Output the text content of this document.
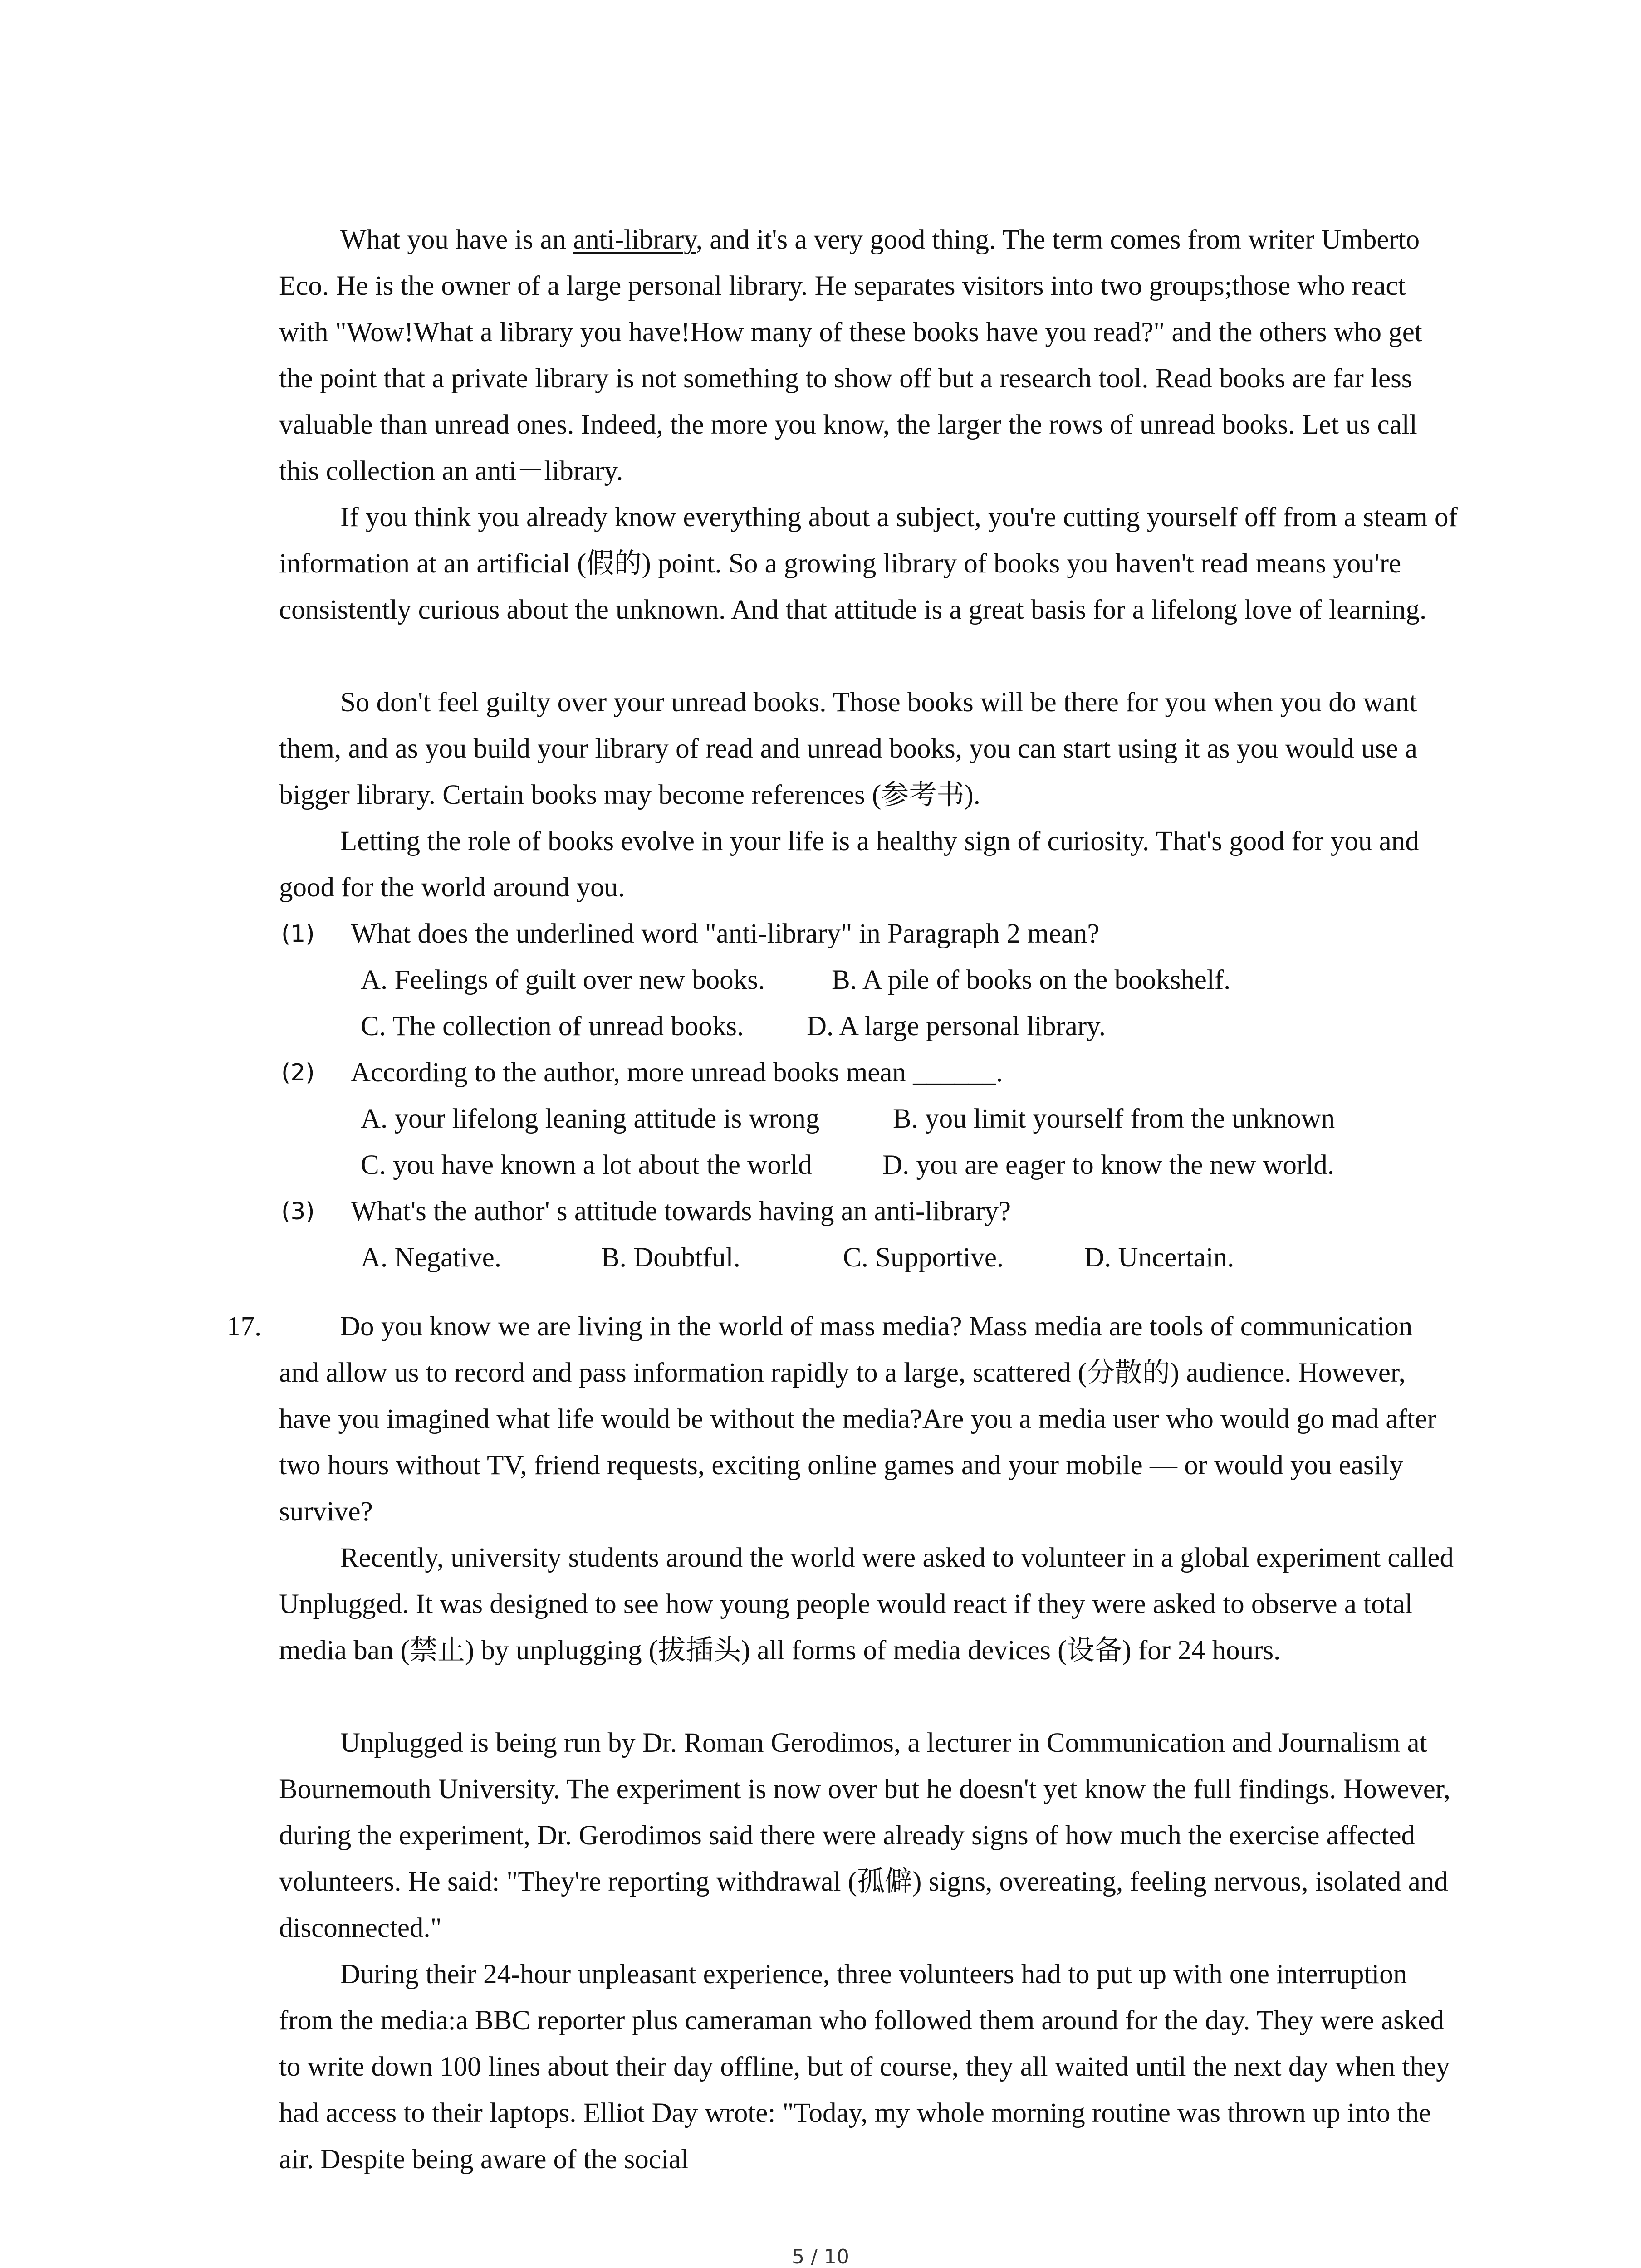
What you have is an anti-library, and it's a very good thing. The term comes from writer Umberto Eco. He is the owner of a large personal library. He separates visitors into two groups;those who react with "Wow!What a library you have!How many of these books have you read?" and the others who get the point that a private library is not something to show off but a research tool. Read books are far less valuable than unread ones. Indeed, the more you know, the larger the rows of unread books. Let us call this collection an anti－library.

If you think you already know everything about a subject, you're cutting yourself off from a steam of information at an artificial (假的) point. So a growing library of books you haven't read means you're consistently curious about the unknown. And that attitude is a great basis for a lifelong love of learning.

So don't feel guilty over your unread books. Those books will be there for you when you do want them, and as you build your library of read and unread books, you can start using it as you would use a bigger library. Certain books may become references (参考书).

Letting the role of books evolve in your life is a healthy sign of curiosity. That's good for you and good for the world around you.

(1) What does the underlined word "anti-library" in Paragraph 2 mean?
A. Feelings of guilt over new books. B. A pile of books on the bookshelf.
C. The collection of unread books. D. A large personal library.
(2) According to the author, more unread books mean ______.
A. your lifelong leaning attitude is wrong	B. you limit yourself from the unknown
C. you have known a lot about the world	D. you are eager to know the new world.
(3) What's the author' s attitude towards having an anti-library?
A. Negative.	B. Doubtful.	C. Supportive.	D. Uncertain.
17.	Do you know we are living in the world of mass media? Mass media are tools of communication and allow us to record and pass information rapidly to a large, scattered (分散的) audience. However, have you imagined what life would be without the media?Are you a media user who would go mad after two hours without TV, friend requests, exciting online games and your mobile — or would you easily survive?

Recently, university students around the world were asked to volunteer in a global experiment called Unplugged. It was designed to see how young people would react if they were asked to observe a total media ban (禁止) by unplugging (拔插头) all forms of media devices (设备) for 24 hours.

Unplugged is being run by Dr. Roman Gerodimos, a lecturer in Communication and Journalism at Bournemouth University. The experiment is now over but he doesn't yet know the full findings. However, during the experiment, Dr. Gerodimos said there were already signs of how much the exercise affected volunteers. He said: "They're reporting withdrawal (孤僻) signs, overeating, feeling nervous, isolated and disconnected."

During their 24-hour unpleasant experience, three volunteers had to put up with one interruption from the media:a BBC reporter plus cameraman who followed them around for the day. They were asked to write down 100 lines about their day offline, but of course, they all waited until the next day when they had access to their laptops. Elliot Day wrote: "Today, my whole morning routine was thrown up into the air. Despite being aware of the social

5 / 10
